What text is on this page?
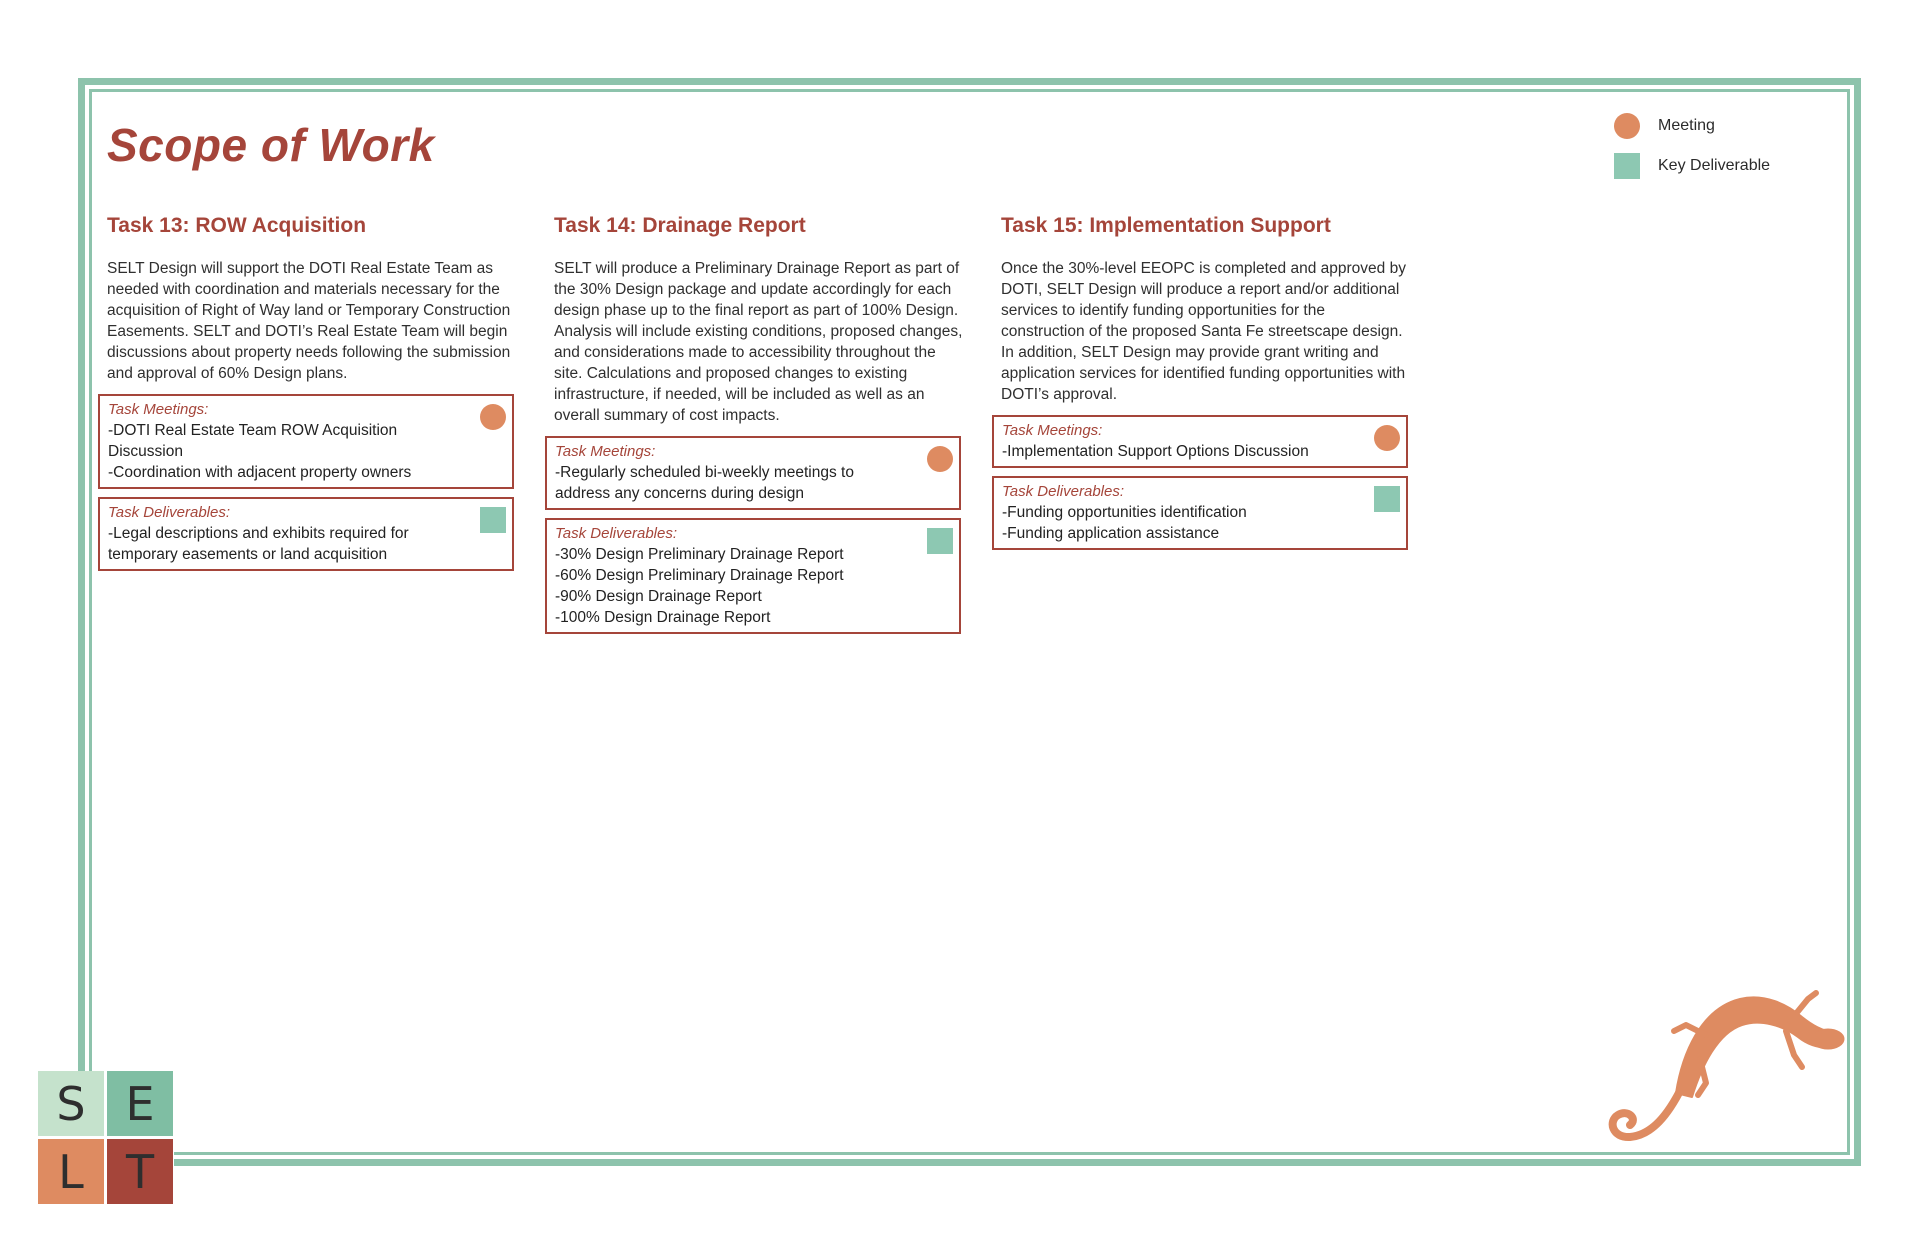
Scope of Work	Meeting
Key Deliverable
Task 13: ROW Acquisition

SELT Design will support the DOTI Real Estate Team as needed with coordination and materials necessary for the acquisition of Right of Way land or Temporary Construction Easements. SELT and DOTI’s Real Estate Team will begin discussions about property needs following the submission and approval of 60% Design plans.

Task Meetings:
-DOTI Real Estate Team ROW Acquisition Discussion
-Coordination with adjacent property owners
Task Deliverables:
-Legal descriptions and exhibits required for temporary easements or land acquisition
Task 14: Drainage Report

SELT will produce a Preliminary Drainage Report as part of the 30% Design package and update accordingly for each design phase up to the final report as part of 100% Design. Analysis will include existing conditions, proposed changes, and considerations made to accessibility throughout the site. Calculations and proposed changes to existing infrastructure, if needed, will be included as well as an overall summary of cost impacts.

Task Meetings:
-Regularly scheduled bi-weekly meetings to address any concerns during design
Task Deliverables:
-30% Design Preliminary Drainage Report
-60% Design Preliminary Drainage Report
-90% Design Drainage Report
-100% Design Drainage Report
Task 15: Implementation Support

Once the 30%-level EEOPC is completed and approved by DOTI, SELT Design will produce a report and/or additional services to identify funding opportunities for the construction of the proposed Santa Fe streetscape design. In addition, SELT Design may provide grant writing and application services for identified funding opportunities with DOTI’s approval.

Task Meetings:
-Implementation Support Options Discussion
Task Deliverables:
-Funding opportunities identification
-Funding application assistance
S E
L T
